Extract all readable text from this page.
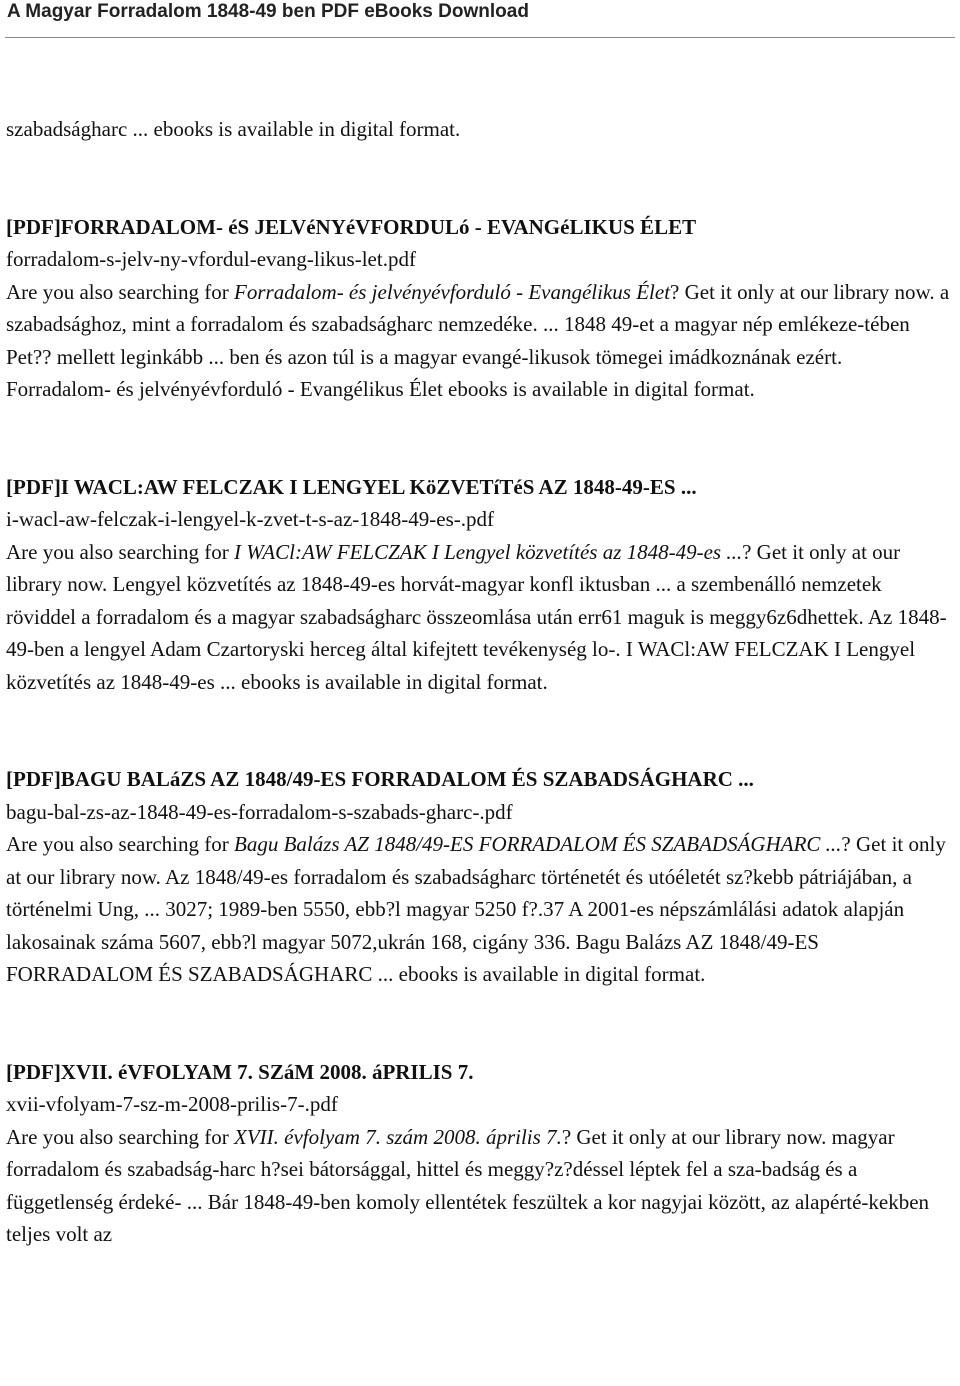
A Magyar Forradalom 1848-49 ben PDF eBooks Download

szabadságharc ... ebooks is available in digital format.

[PDF]FORRADALOM- éS JELVéNYéVFORDULó - EVANGéLIKUS ÉLET

forradalom-s-jelv-ny-vfordul-evang-likus-let.pdf

Are you also searching for Forradalom- és jelvényévforduló - Evangélikus Élet? Get it only at our library now. a szabadsághoz, mint a forradalom és szabadságharc nemzedéke. ... 1848 49-et a magyar nép emlékeze-tében Pet?? mellett leginkább ... ben és azon túl is a magyar evangé-likusok tömegei imádkoznának ezért. Forradalom- és jelvényévforduló - Evangélikus Élet ebooks is available in digital format.

[PDF]I WACL:AW FELCZAK I LENGYEL KöZVETíTéS AZ 1848-49-ES ...

i-wacl-aw-felczak-i-lengyel-k-zvet-t-s-az-1848-49-es-.pdf

Are you also searching for I WACl:AW FELCZAK I Lengyel közvetítés az 1848-49-es ...? Get it only at our library now. Lengyel közvetítés az 1848-49-es horvát-magyar konfl iktusban ... a szembenálló nemzetek röviddel a forradalom és a magyar szabadságharc összeomlása után err61 maguk is meggy6z6dhettek. Az 1848-49-ben a lengyel Adam Czartoryski herceg által kifejtett tevékenység lo-. I WACl:AW FELCZAK I Lengyel közvetítés az 1848-49-es ... ebooks is available in digital format.

[PDF]BAGU BALáZS AZ 1848/49-ES FORRADALOM ÉS SZABADSÁGHARC ...

bagu-bal-zs-az-1848-49-es-forradalom-s-szabads-gharc-.pdf

Are you also searching for Bagu Balázs AZ 1848/49-ES FORRADALOM ÉS SZABADSÁGHARC ...? Get it only at our library now. Az 1848/49-es forradalom és szabadságharc történetét és utóéletét sz?kebb pátriájában, a történelmi Ung, ... 3027; 1989-ben 5550, ebb?l magyar 5250 f?.37 A 2001-es népszámlálási adatok alapján lakosainak száma 5607, ebb?l magyar 5072,ukrán 168, cigány 336. Bagu Balázs AZ 1848/49-ES FORRADALOM ÉS SZABADSÁGHARC ... ebooks is available in digital format.

[PDF]XVII. éVFOLYAM 7. SZáM 2008. áPRILIS 7.

xvii-vfolyam-7-sz-m-2008-prilis-7-.pdf

Are you also searching for XVII. évfolyam 7. szám 2008. április 7.? Get it only at our library now. magyar forradalom és szabadság-harc h?sei bátorsággal, hittel és meggy?z?déssel léptek fel a sza-badság és a függetlenség érdeké- ... Bár 1848-49-ben komoly ellentétek feszültek a kor nagyjai között, az alapérté-kekben teljes volt az
